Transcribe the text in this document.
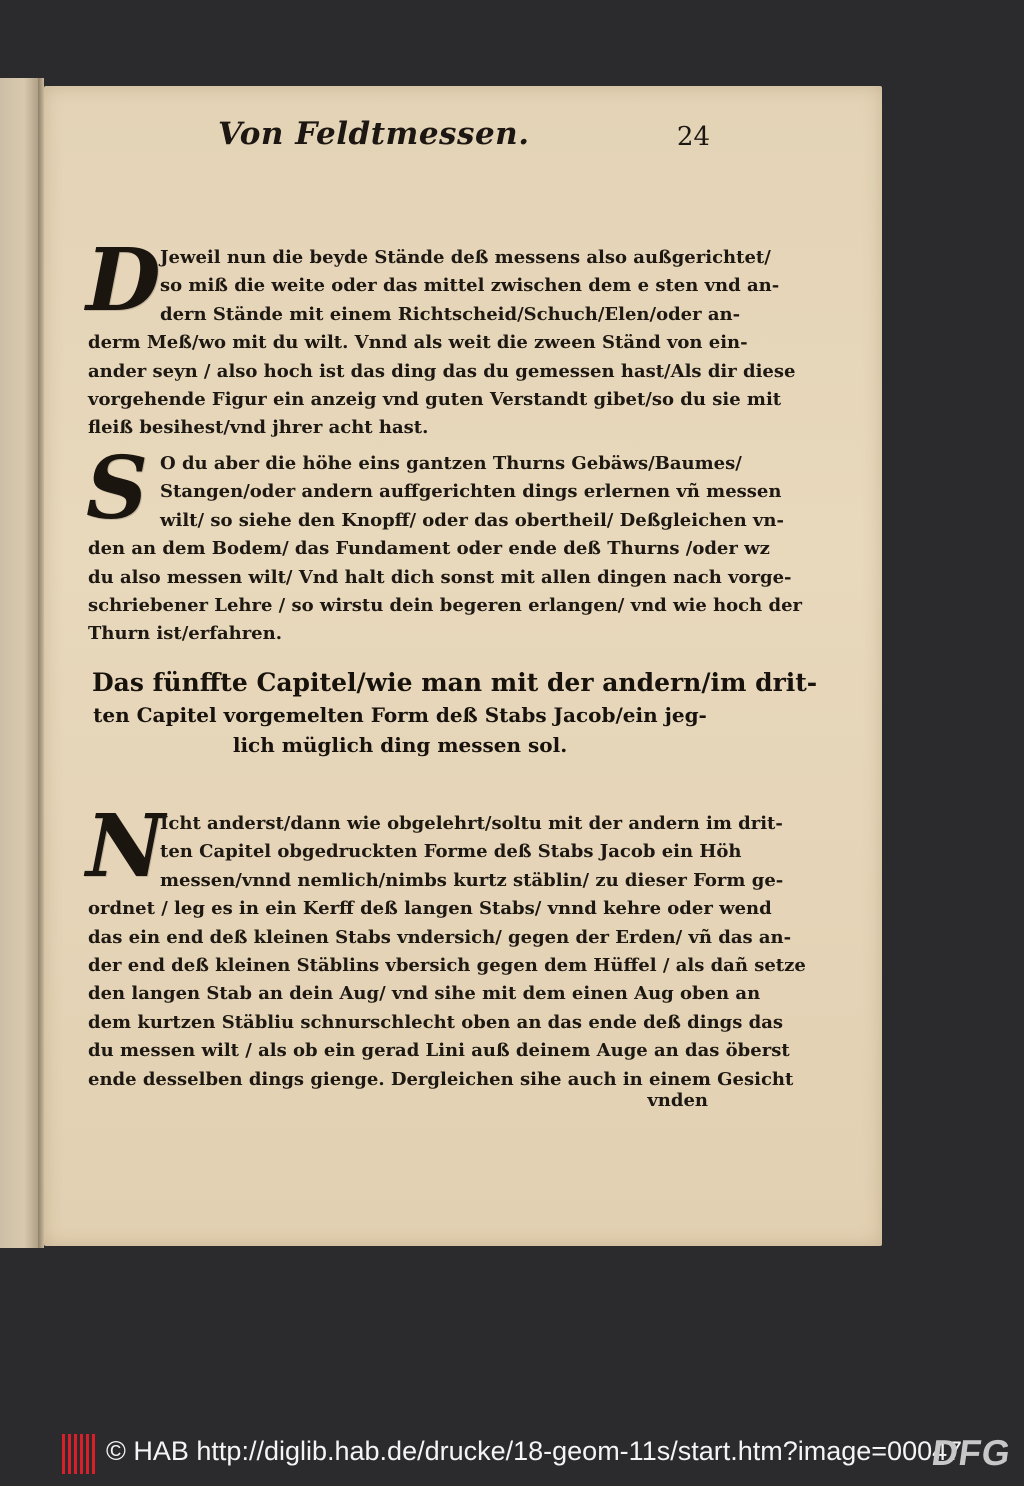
Von Feldtmessen.	24
D Jeweil nun die beyde Stände deß messens also außgerichtet/
so miß die weite oder das mittel zwischen dem e sten vnd an-
dern Stände mit einem Richtscheid/Schuch/Elen/oder an-
derm Meß/wo mit du wilt. Vnnd als weit die zween Ständ von ein-
ander seyn / also hoch ist das ding das du gemessen hast/Als dir diese
vorgehende Figur ein anzeig vnd guten Verstandt gibet/so du sie mit
fleiß besihest/vnd jhrer acht hast.
S O du aber die höhe eins gantzen Thurns Gebäws/Baumes/
Stangen/oder andern auffgerichten dings erlernen vñ messen
wilt/ so siehe den Knopff/ oder das obertheil/ Deßgleichen vn-
den an dem Bodem/ das Fundament oder ende deß Thurns /oder wz
du also messen wilt/ Vnd halt dich sonst mit allen dingen nach vorge-
schriebener Lehre / so wirstu dein begeren erlangen/ vnd wie hoch der
Thurn ist/erfahren.
Das fünffte Capitel/wie man mit der andern/im drit-
ten Capitel vorgemelten Form deß Stabs Jacob/ein jeg-
lich müglich ding messen sol.
N
Icht anderst/dann wie obgelehrt/soltu mit der andern im drit-
ten Capitel obgedruckten Forme deß Stabs Jacob ein Höh
messen/vnnd nemlich/nimbs kurtz stäblin/ zu dieser Form ge-
ordnet / leg es in ein Kerff deß langen Stabs/ vnnd kehre oder wend
das ein end deß kleinen Stabs vndersich/ gegen der Erden/ vñ das an-
der end deß kleinen Stäblins vbersich gegen dem Hüffel / als dañ setze
den langen Stab an dein Aug/ vnd sihe mit dem einen Aug oben an
dem kurtzen Stäbliu schnurschlecht oben an das ende deß dings das
du messen wilt / als ob ein gerad Lini auß deinem Auge an das öberst
ende desselben dings gienge. Dergleichen sihe auch in einem Gesicht
vnden
© HAB http://diglib.hab.de/drucke/18-geom-11s/start.htm?image=00047
DFG
